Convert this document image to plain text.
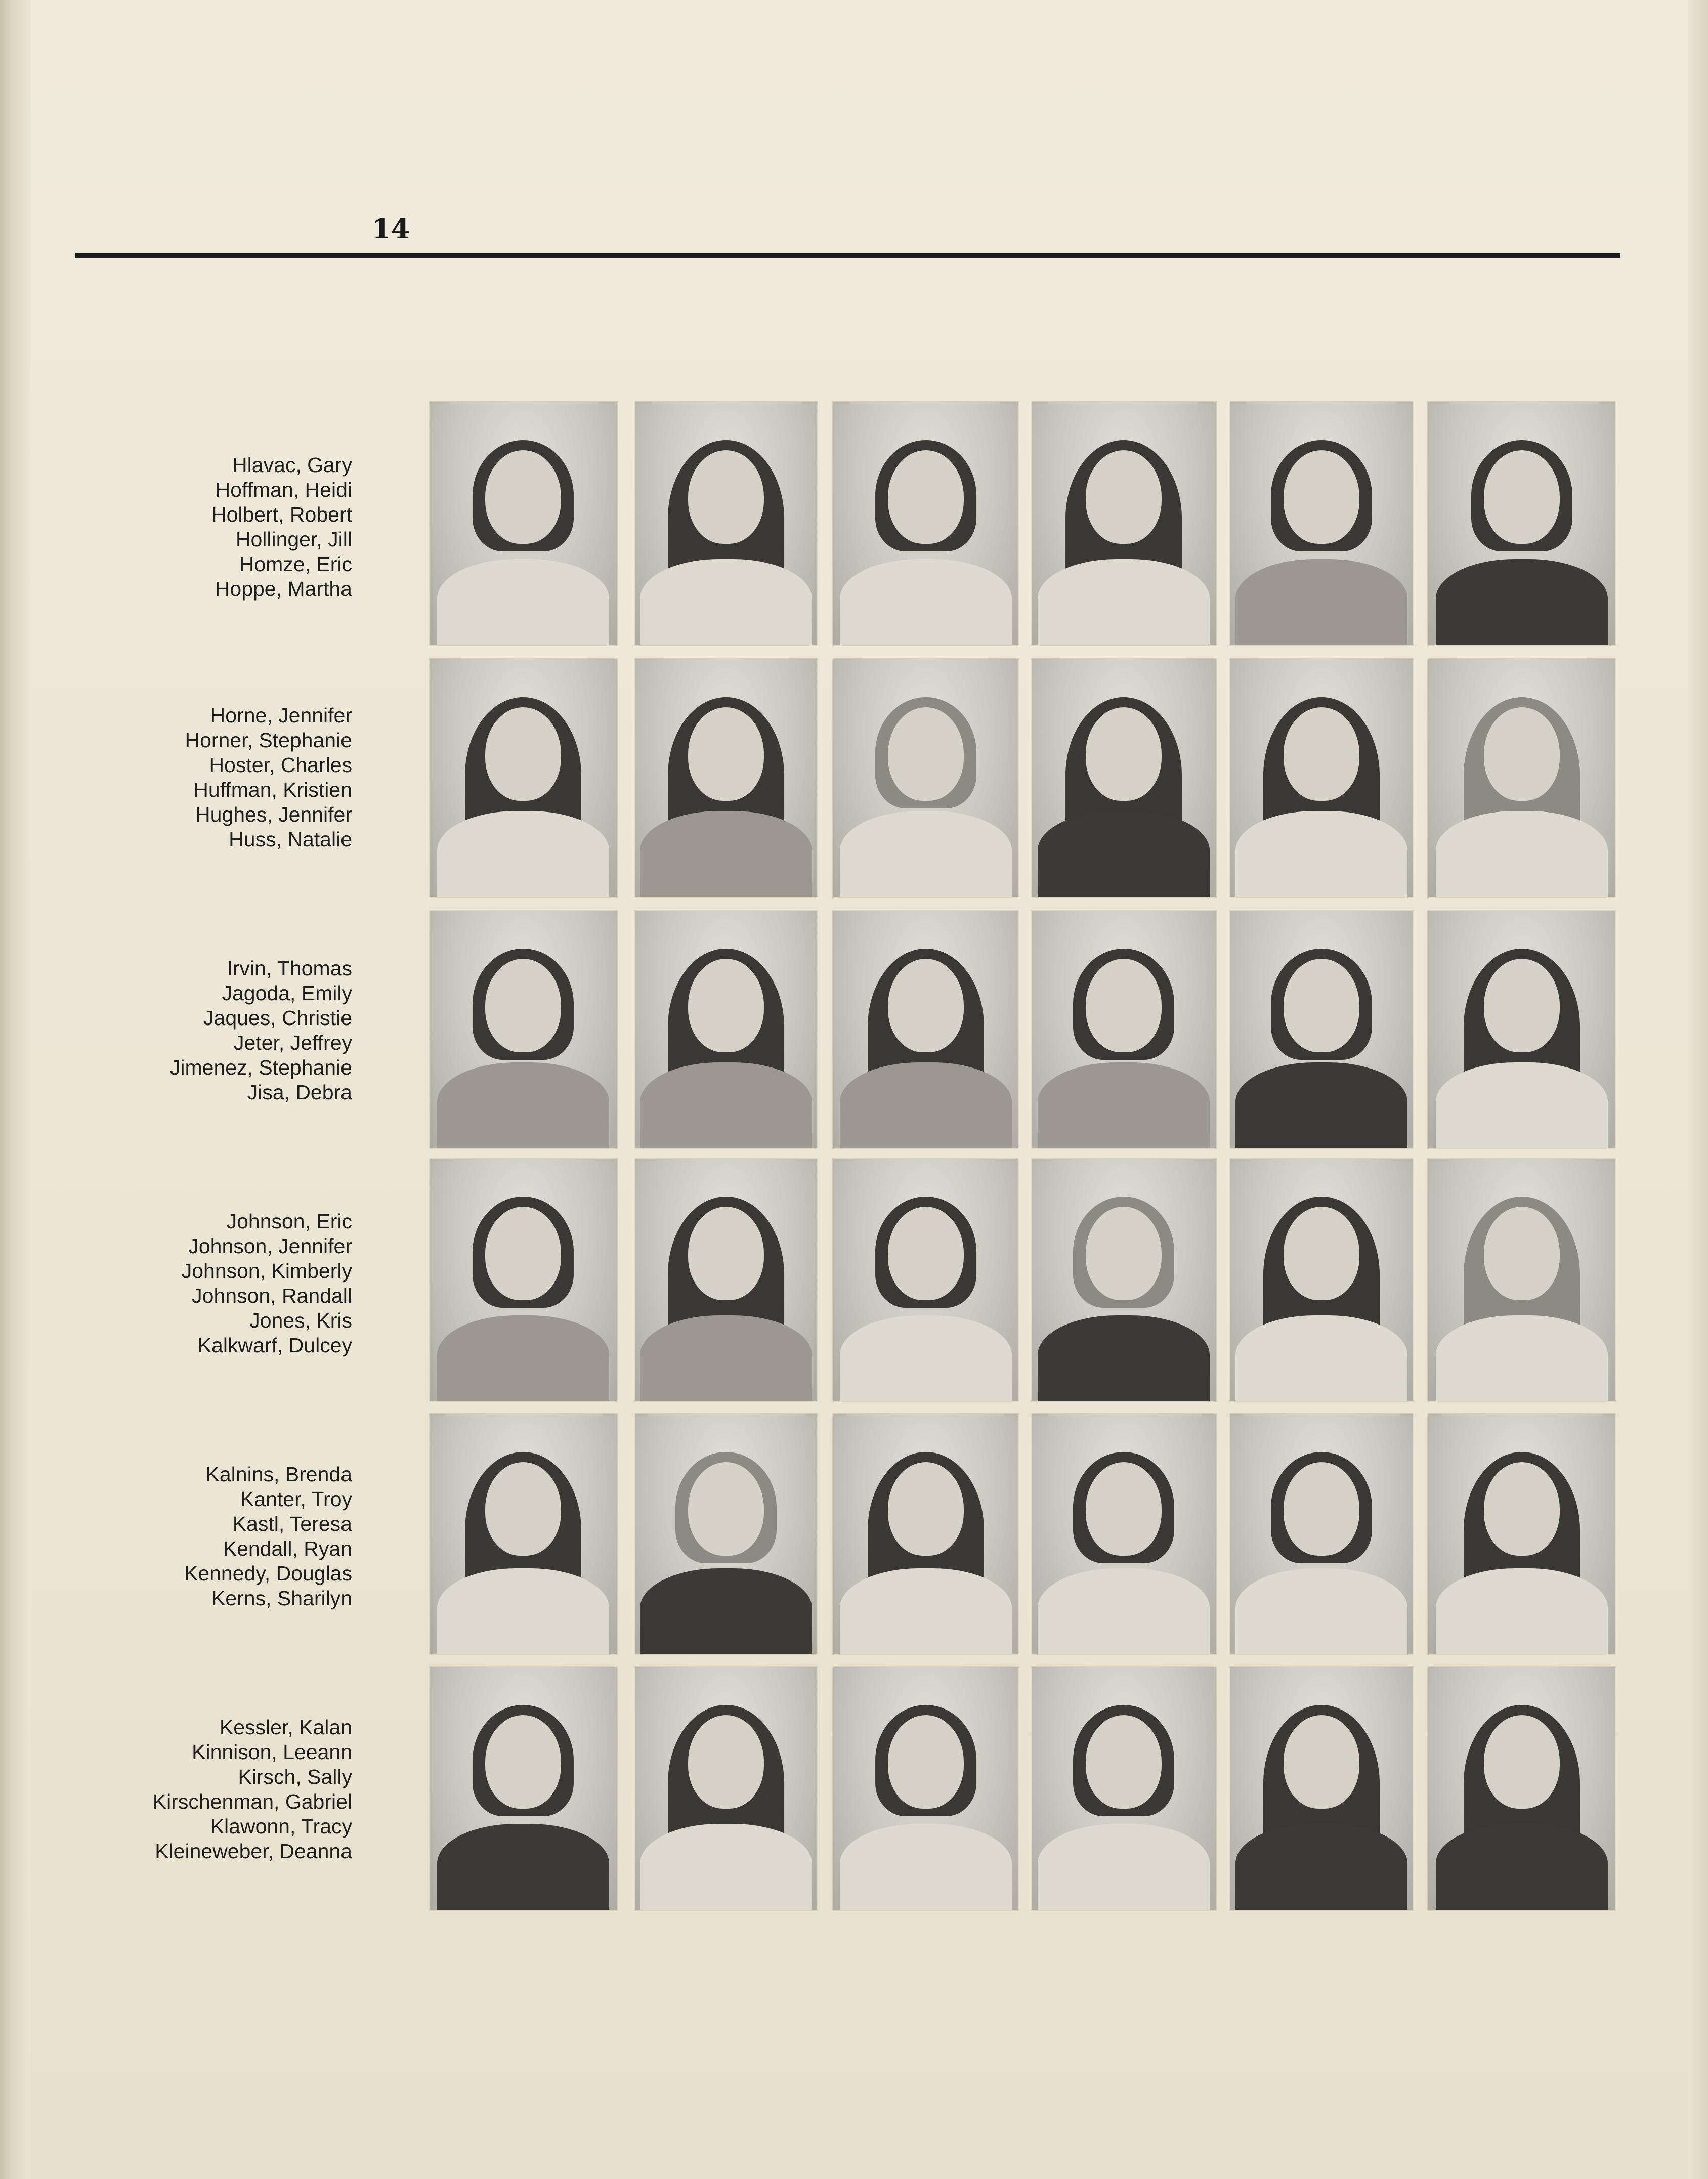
14
Hlavac, Gary
Hoffman, Heidi
Holbert, Robert
Hollinger, Jill
Homze, Eric
Hoppe, Martha
Horne, Jennifer
Horner, Stephanie
Hoster, Charles
Huffman, Kristien
Hughes, Jennifer
Huss, Natalie
Irvin, Thomas
Jagoda, Emily
Jaques, Christie
Jeter, Jeffrey
Jimenez, Stephanie
Jisa, Debra
Johnson, Eric
Johnson, Jennifer
Johnson, Kimberly
Johnson, Randall
Jones, Kris
Kalkwarf, Dulcey
Kalnins, Brenda
Kanter, Troy
Kastl, Teresa
Kendall, Ryan
Kennedy, Douglas
Kerns, Sharilyn
Kessler, Kalan
Kinnison, Leeann
Kirsch, Sally
Kirschenman, Gabriel
Klawonn, Tracy
Kleineweber, Deanna
